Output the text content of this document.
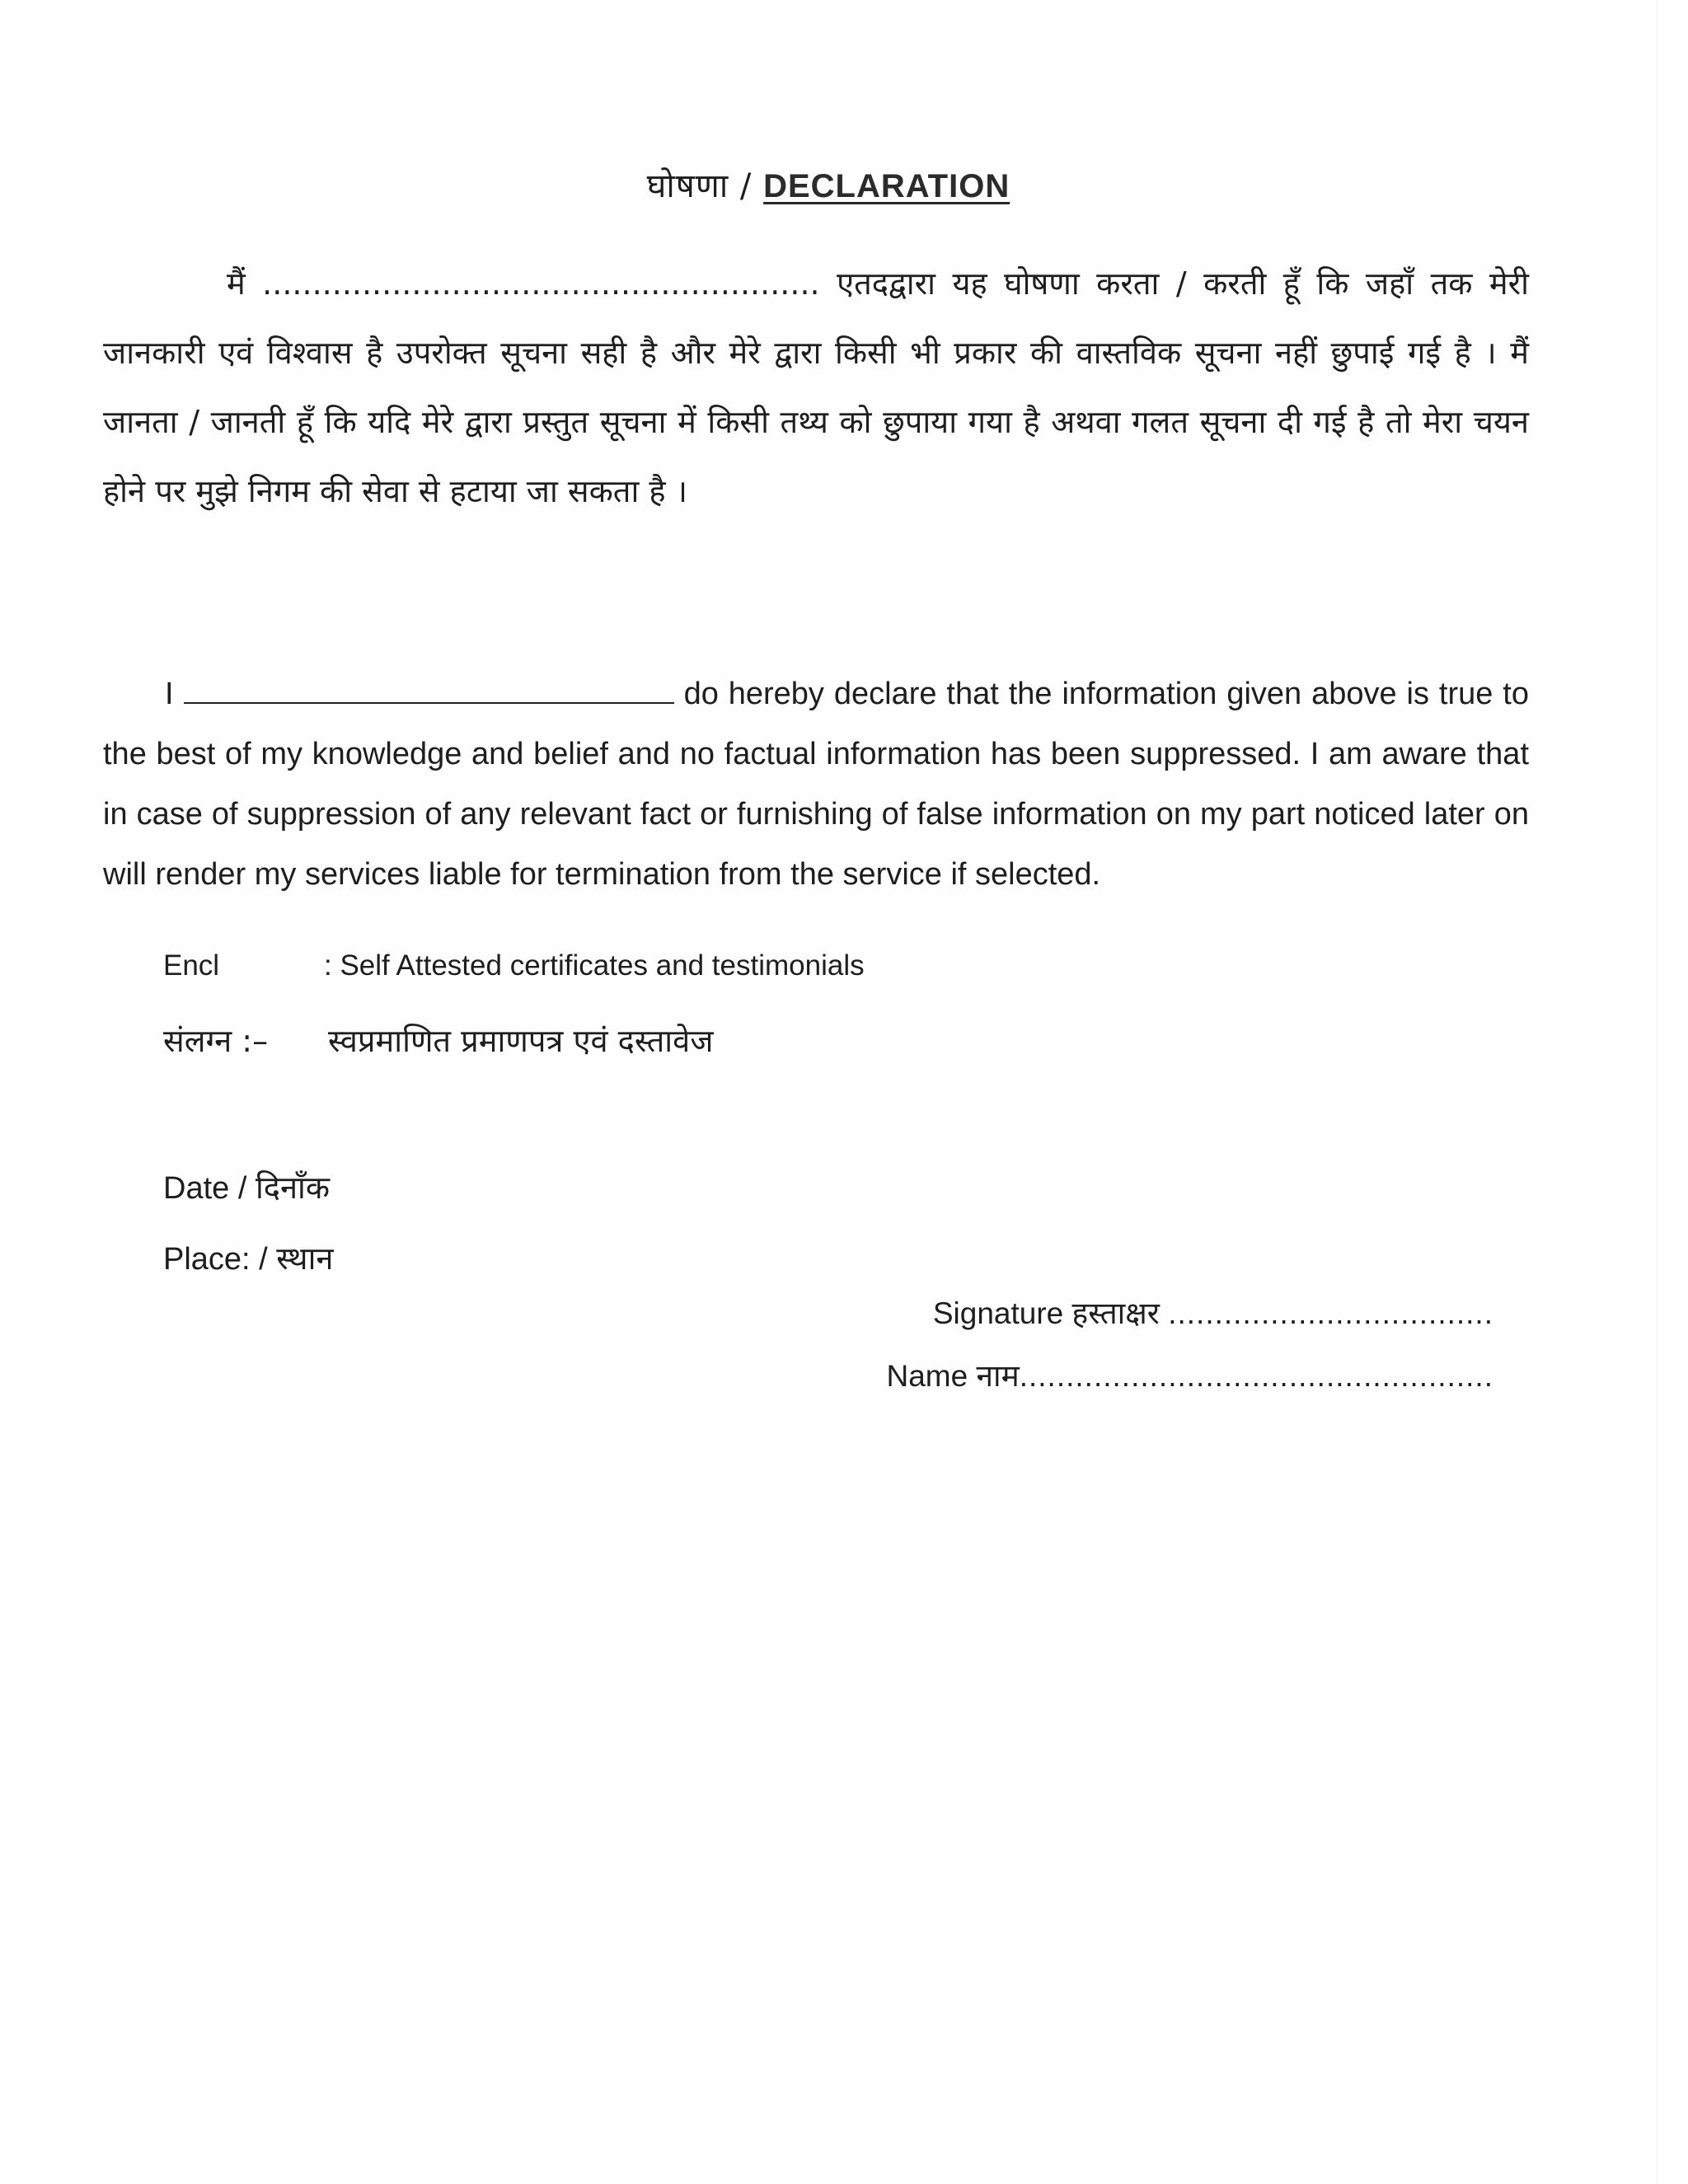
घोषणा / DECLARATION
मैं ........................................................ एतदद्वारा यह घोषणा करता / करती हूँ कि जहाँ तक मेरी जानकारी एवं विश्वास है उपरोक्त सूचना सही है और मेरे द्वारा किसी भी प्रकार की वास्तविक सूचना नहीं छुपाई गई है । मैं जानता / जानती हूँ कि यदि मेरे द्वारा प्रस्तुत सूचना में किसी तथ्य को छुपाया गया है अथवा गलत सूचना दी गई है तो मेरा चयन होने पर मुझे निगम की सेवा से हटाया जा सकता है ।
I	do hereby declare that the information given above is true to the best of my knowledge and belief and no factual information has been suppressed. I am aware that in case of suppression of any relevant fact or furnishing of false information on my part noticed later on will render my services liable for termination from the service if selected.
Encl	: Self Attested certificates and testimonials
संलग्न :– स्वप्रमाणित प्रमाणपत्र एवं दस्तावेज
Date / दिनाँक
Place: / स्थान
Signature हस्ताक्षर ...................................
Name नाम...................................................
